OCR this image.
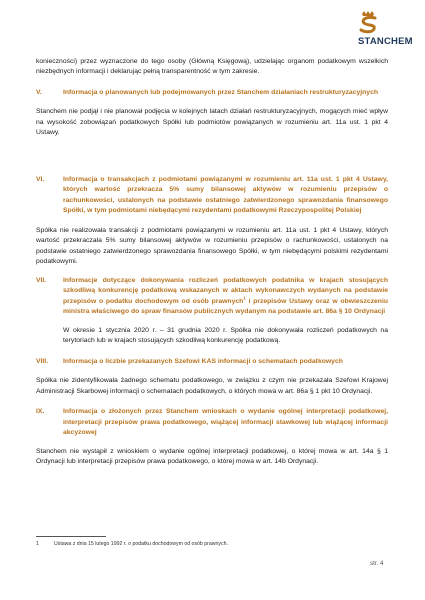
STANCHEM

konieczności) przez wyznaczone do tego osoby (Główną Księgową), udzielając organom podatkowym wszelkich niezbędnych informacji i deklarując pełną transparentność w tym zakresie.

V.	Informacja o planowanych lub podejmowanych przez Stanchem działaniach restrukturyzacyjnych

Stanchem nie podjął i nie planował podjęcia w kolejnych latach działań restrukturyzacyjnych, mogących mieć wpływ na wysokość zobowiązań podatkowych Spółki lub podmiotów powiązanych w rozumieniu art. 11a ust. 1 pkt 4 Ustawy.

VI.	Informacja o transakcjach z podmiotami powiązanymi w rozumieniu art. 11a ust. 1 pkt 4 Ustawy, których wartość przekracza 5% sumy bilansowej aktywów w rozumieniu przepisów o rachunkowości, ustalonych na podstawie ostatniego zatwierdzonego sprawozdania finansowego Spółki, w tym podmiotami niebędącymi rezydentami podatkowymi Rzeczypospolitej Polskiej

Spółka nie realizowała transakcji z podmiotami powiązanymi w rozumieniu art. 11a ust. 1 pkt 4 Ustawy, których wartość przekraczała 5% sumy bilansowej aktywów w rozumieniu przepisów o rachunkowości, ustalonych na podstawie ostatniego zatwierdzonego sprawozdania finansowego Spółki, w tym niebędącymi polskimi rezydentami podatkowymi.

VII.	Informacje dotyczące dokonywania rozliczeń podatkowych podatnika w krajach stosujących szkodliwą konkurencję podatkową wskazanych w aktach wykonawczych wydanych na podstawie przepisów o podatku dochodowym od osób prawnych$^1$ i przepisów Ustawy oraz w obwieszczeniu ministra właściwego do spraw finansów publicznych wydanym na podstawie art. 86a § 10 Ordynacji

W okresie 1 stycznia 2020 r. – 31 grudnia 2020 r. Spółka nie dokonywała rozliczeń podatkowych na terytoriach lub w krajach stosujących szkodliwą konkurencję podatkową.

VIII.	Informacja o liczbie przekazanych Szefowi KAS informacji o schematach podatkowych

Spółka nie zidentyfikowała żadnego schematu podatkowego, w związku z czym nie przekazała Szefowi Krajowej Administracji Skarbowej informacji o schematach podatkowych, o których mowa w art. 86a § 1 pkt 10 Ordynacji.

IX.	Informacja o złożonych przez Stanchem wnioskach o wydanie ogólnej interpretacji podatkowej, interpretacji przepisów prawa podatkowego, wiążącej informacji stawkowej lub wiążącej informacji akcyzowej

Stanchem nie wystąpił z wnioskiem o wydanie ogólnej interpretacji podatkowej, o której mowa w art. 14a § 1 Ordynacji lub interpretacji przepisów prawa podatkowego, o której mowa w art. 14b Ordynacji.

1	Ustawa z dnia 15 lutego 1992 r. o podatku dochodowym od osób prawnych.
str. 4
